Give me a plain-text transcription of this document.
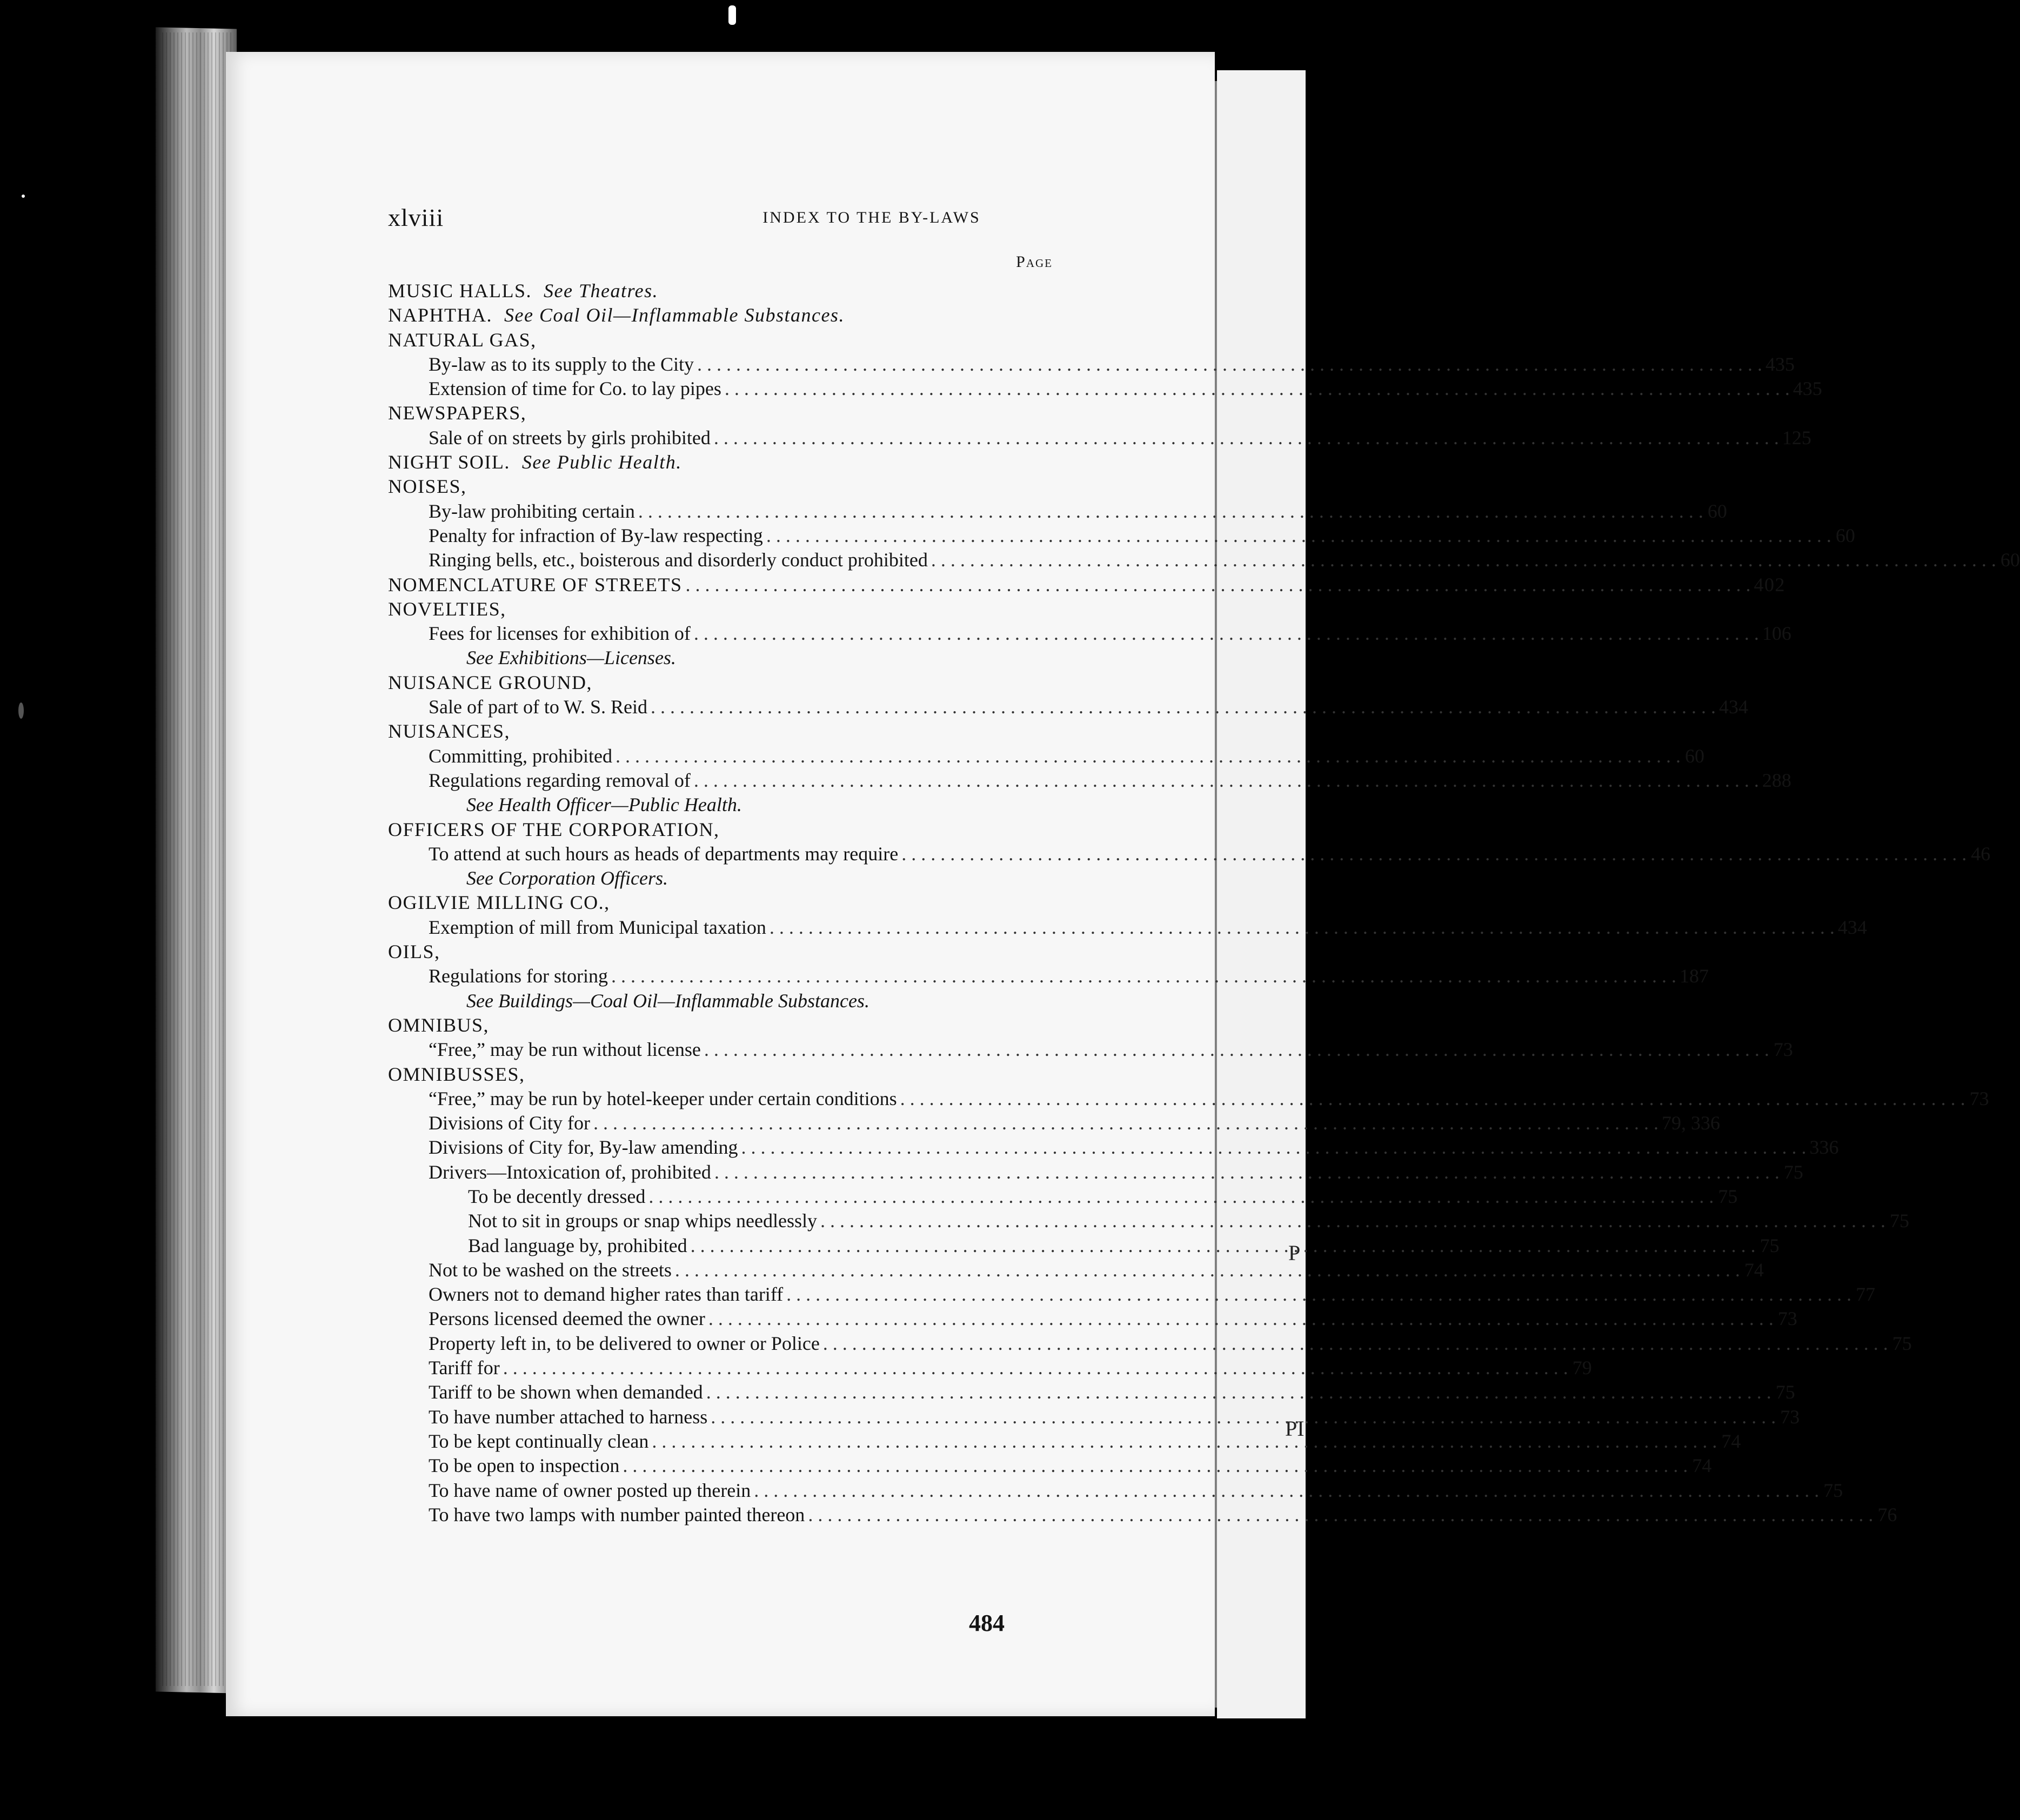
P
PI
xlviii	INDEX TO THE BY-LAWS
Page
MUSIC HALLS. See Theatres.
NAPHTHA. See Coal Oil—Inflammable Substances.
NATURAL GAS,
By-law as to its supply to the City . . .	435
Extension of time for Co. to lay pipes . . .	435
NEWSPAPERS,
Sale of on streets by girls prohibited . . .	125
NIGHT SOIL. See Public Health.
NOISES,
By-law prohibiting certain . . .	60
Penalty for infraction of By-law respecting . . .	60
Ringing bells, etc., boisterous and disorderly conduct prohibited . . .	60
NOMENCLATURE OF STREETS . . .	402
NOVELTIES,
Fees for licenses for exhibition of . . .	106
See Exhibitions—Licenses.
NUISANCE GROUND,
Sale of part of to W. S. Reid . . .	434
NUISANCES,
Committing, prohibited . . .	60
Regulations regarding removal of . . .	288
See Health Officer—Public Health.
OFFICERS OF THE CORPORATION,
To attend at such hours as heads of departments may require . . .	46
See Corporation Officers.
OGILVIE MILLING CO.,
Exemption of mill from Municipal taxation . . .	434
OILS,
Regulations for storing . . .	187
See Buildings—Coal Oil—Inflammable Substances.
OMNIBUS,
“Free,” may be run without license . . .	73
OMNIBUSSES,
“Free,” may be run by hotel-keeper under certain conditions . . .	73
Divisions of City for . . .	79, 336
Divisions of City for, By-law amending . . .	336
Drivers—Intoxication of, prohibited . . .	75
To be decently dressed . . .	75
Not to sit in groups or snap whips needlessly . . .	75
Bad language by, prohibited . . .	75
Not to be washed on the streets . . .	74
Owners not to demand higher rates than tariff . . .	77
Persons licensed deemed the owner . . .	73
Property left in, to be delivered to owner or Police . . .	75
Tariff for . . .	79
Tariff to be shown when demanded . . .	75
To have number attached to harness . . .	73
To be kept continually clean . . .	74
To be open to inspection . . .	74
To have name of owner posted up therein . . .	75
To have two lamps with number painted thereon . . .	76
484
